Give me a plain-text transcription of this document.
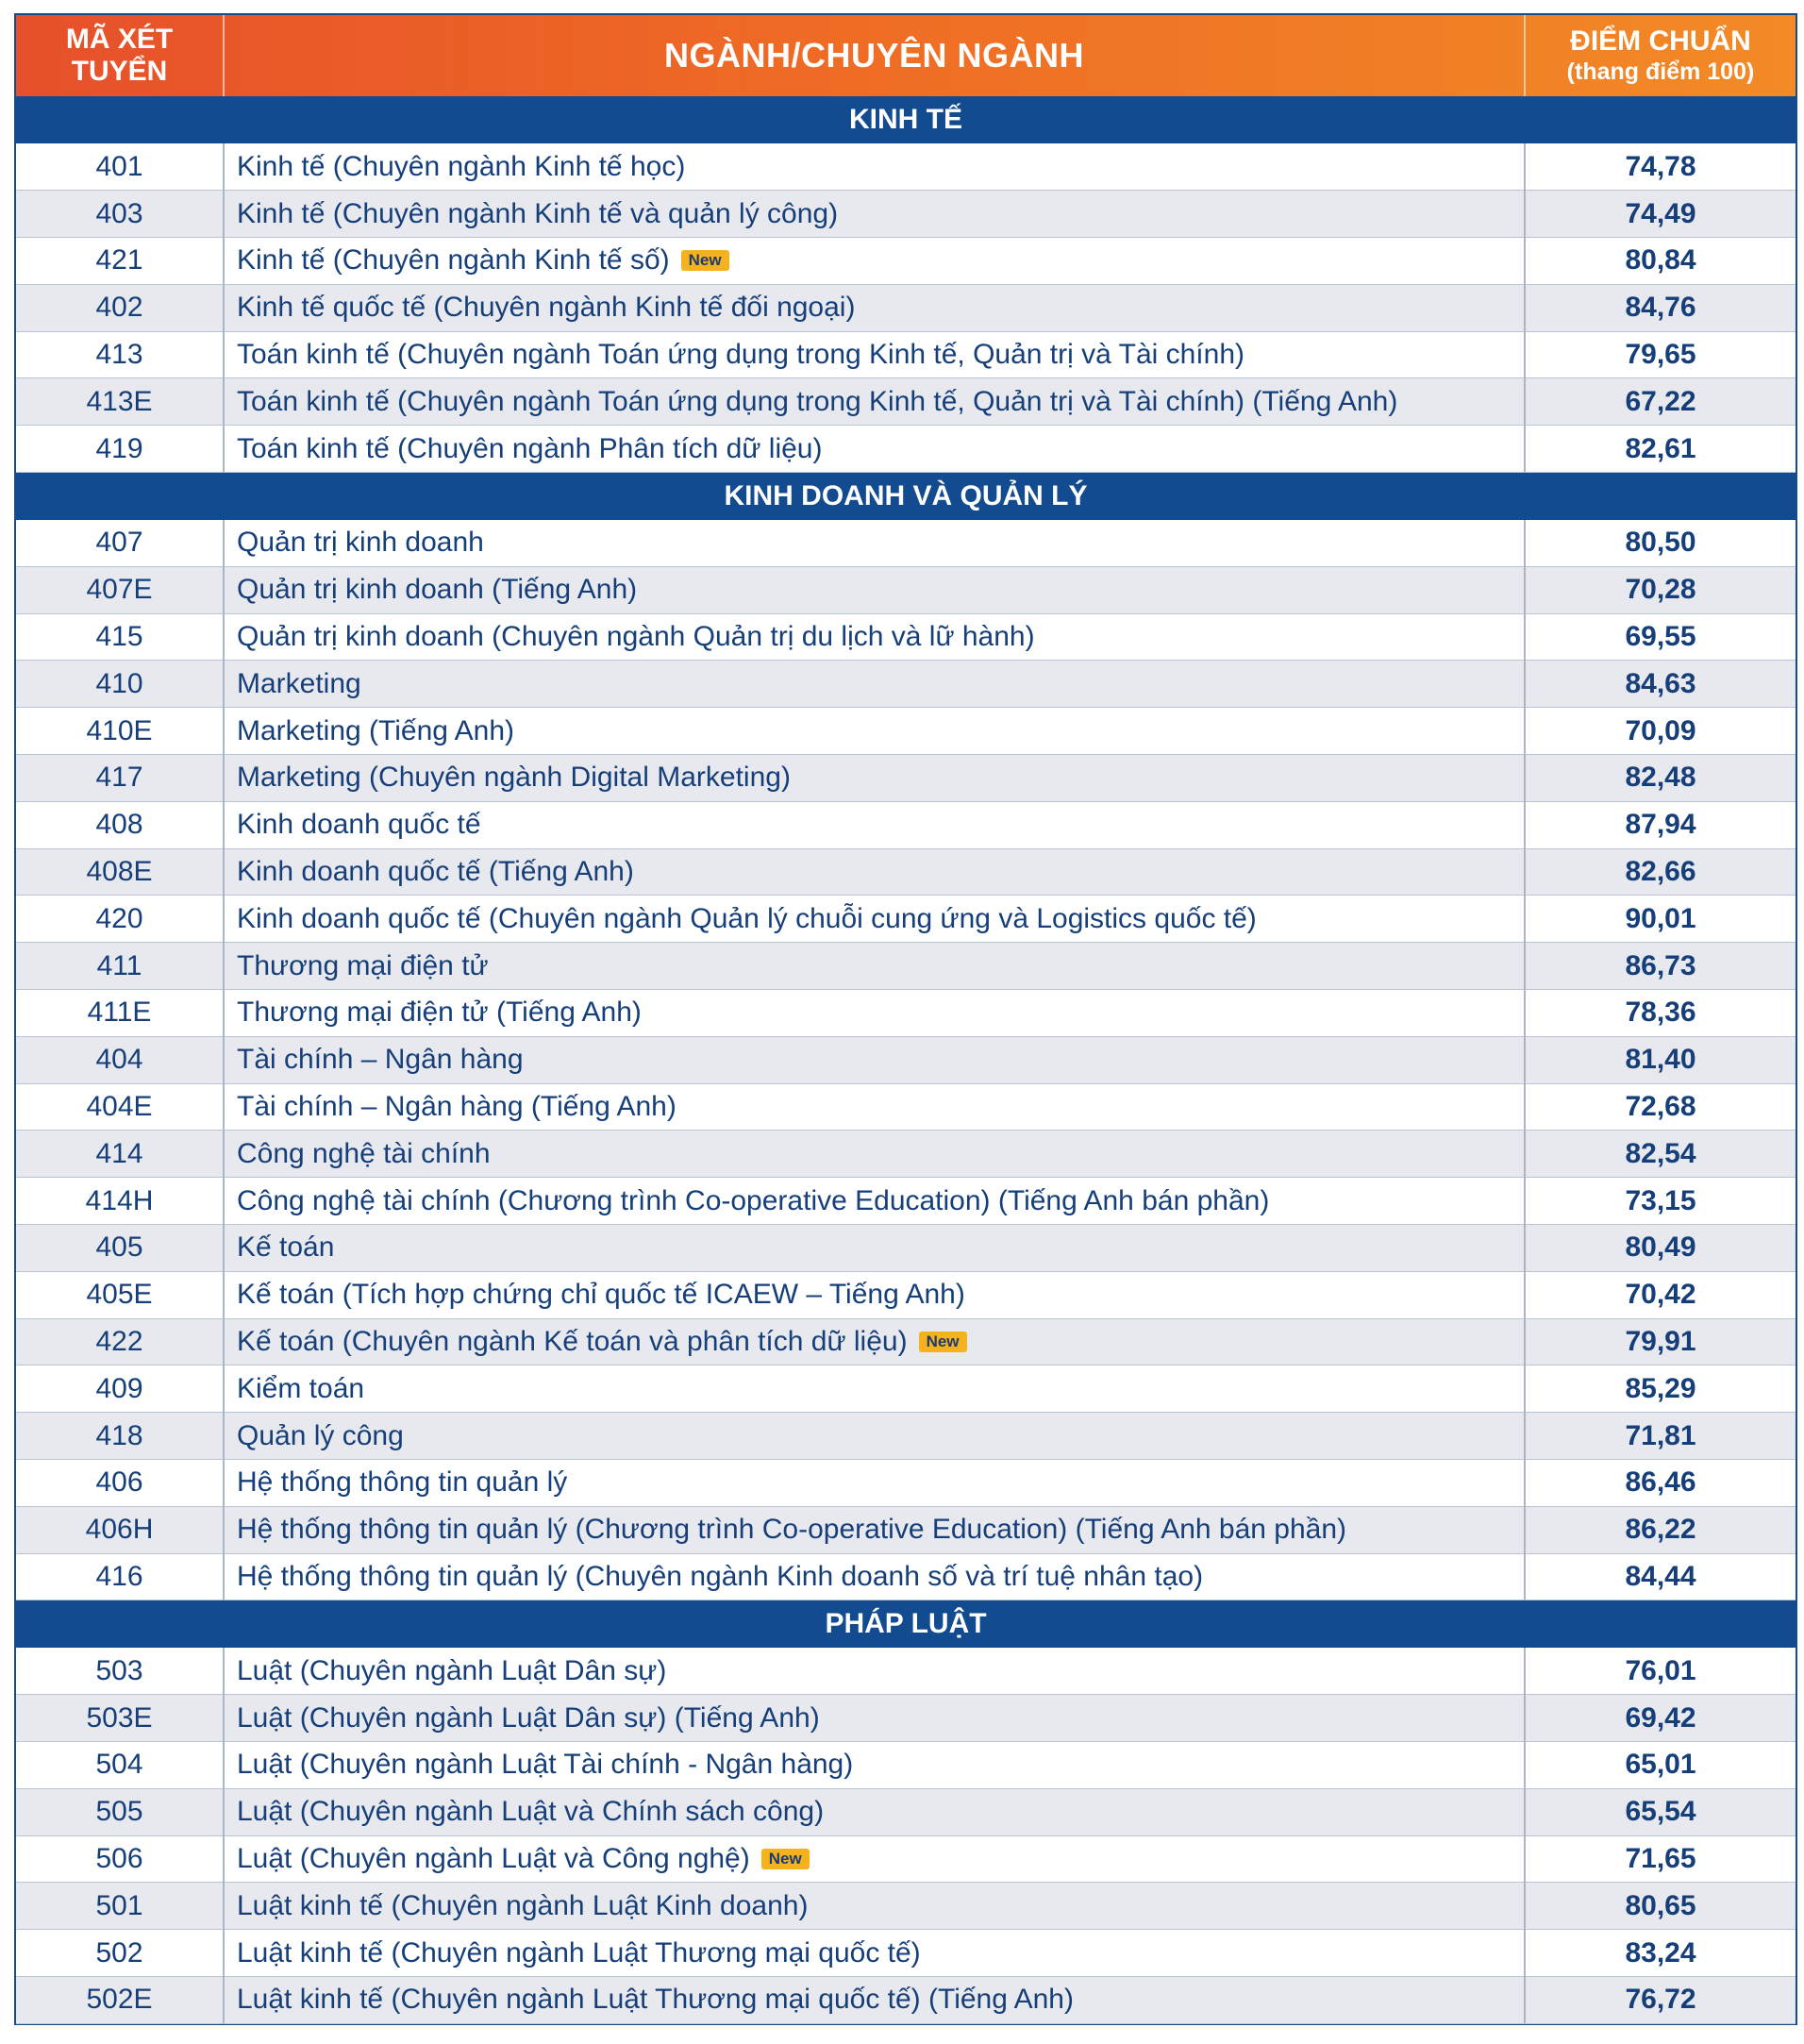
MÃ XÉT
TUYỂN	NGÀNH/CHUYÊN NGÀNH	ĐIỂM CHUẨN
(thang điểm 100)

KINH TẾ		
401	Kinh tế (Chuyên ngành Kinh tế học)	74,78
403	Kinh tế (Chuyên ngành Kinh tế và quản lý công)	74,49
421	Kinh tế (Chuyên ngành Kinh tế số) New	80,84
402	Kinh tế quốc tế (Chuyên ngành Kinh tế đối ngoại)	84,76
413	Toán kinh tế (Chuyên ngành Toán ứng dụng trong Kinh tế, Quản trị và Tài chính)	79,65
413E	Toán kinh tế (Chuyên ngành Toán ứng dụng trong Kinh tế, Quản trị và Tài chính) (Tiếng Anh)	67,22
419	Toán kinh tế (Chuyên ngành Phân tích dữ liệu)	82,61
KINH DOANH VÀ QUẢN LÝ		
407	Quản trị kinh doanh	80,50
407E	Quản trị kinh doanh (Tiếng Anh)	70,28
415	Quản trị kinh doanh (Chuyên ngành Quản trị du lịch và lữ hành)	69,55
410	Marketing	84,63
410E	Marketing (Tiếng Anh)	70,09
417	Marketing (Chuyên ngành Digital Marketing)	82,48
408	Kinh doanh quốc tế	87,94
408E	Kinh doanh quốc tế (Tiếng Anh)	82,66
420	Kinh doanh quốc tế (Chuyên ngành Quản lý chuỗi cung ứng và Logistics quốc tế)	90,01
411	Thương mại điện tử	86,73
411E	Thương mại điện tử (Tiếng Anh)	78,36
404	Tài chính – Ngân hàng	81,40
404E	Tài chính – Ngân hàng (Tiếng Anh)	72,68
414	Công nghệ tài chính	82,54
414H	Công nghệ tài chính (Chương trình Co-operative Education) (Tiếng Anh bán phần)	73,15
405	Kế toán	80,49
405E	Kế toán (Tích hợp chứng chỉ quốc tế ICAEW – Tiếng Anh)	70,42
422	Kế toán (Chuyên ngành Kế toán và phân tích dữ liệu) New	79,91
409	Kiểm toán	85,29
418	Quản lý công	71,81
406	Hệ thống thông tin quản lý	86,46
406H	Hệ thống thông tin quản lý (Chương trình Co-operative Education) (Tiếng Anh bán phần)	86,22
416	Hệ thống thông tin quản lý (Chuyên ngành Kinh doanh số và trí tuệ nhân tạo)	84,44
PHÁP LUẬT		
503	Luật (Chuyên ngành Luật Dân sự)	76,01
503E	Luật (Chuyên ngành Luật Dân sự) (Tiếng Anh)	69,42
504	Luật (Chuyên ngành Luật Tài chính - Ngân hàng)	65,01
505	Luật (Chuyên ngành Luật và Chính sách công)	65,54
506	Luật (Chuyên ngành Luật và Công nghệ) New	71,65
501	Luật kinh tế (Chuyên ngành Luật Kinh doanh)	80,65
502	Luật kinh tế (Chuyên ngành Luật Thương mại quốc tế)	83,24
502E	Luật kinh tế (Chuyên ngành Luật Thương mại quốc tế) (Tiếng Anh)	76,72
